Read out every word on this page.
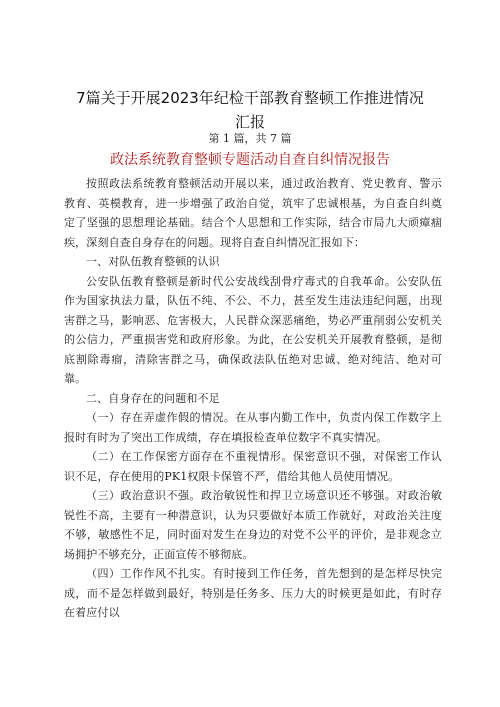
7篇关于开展2023年纪检干部教育整顿工作推进情况
汇报
第 1 篇，共 7 篇
政法系统教育整顿专题活动自查自纠情况报告

按照政法系统教育整顿活动开展以来，通过政治教育、党史教育、警示教育、英模教育，进一步增强了政治自觉，筑牢了忠诚根基，为自查自纠奠定了坚强的思想理论基础。结合个人思想和工作实际，结合市局九大顽瘴痼疾，深刻自查自身存在的问题。现将自查自纠情况汇报如下：

一、对队伍教育整顿的认识

公安队伍教育整顿是新时代公安战线刮骨疗毒式的自我革命。公安队伍作为国家执法力量，队伍不纯、不公、不力，甚至发生违法违纪问题，出现害群之马，影响恶、危害极大，人民群众深恶痛绝，势必严重削弱公安机关的公信力，严重损害党和政府形象。为此，在公安机关开展教育整顿，是彻底割除毒瘤，清除害群之马，确保政法队伍绝对忠诚、绝对纯洁、绝对可靠。

二、自身存在的问题和不足

（一）存在弄虚作假的情况。在从事内勤工作中，负责内保工作数字上报时有时为了突出工作成绩，存在填报检查单位数字不真实情况。

（二）在工作保密方面存在不重视情形。保密意识不强，对保密工作认识不足，存在使用的PK1权限卡保管不严，借给其他人员使用情况。

（三）政治意识不强。政治敏锐性和捍卫立场意识还不够强。对政治敏锐性不高，主要有一种潜意识，认为只要做好本质工作就好，对政治关注度不够，敏感性不足，同时面对发生在身边的对党不公平的评价，是非观念立场拥护不够充分，正面宣传不够彻底。

（四）工作作风不扎实。有时接到工作任务，首先想到的是怎样尽快完成，而不是怎样做到最好，特别是任务多、压力大的时候更是如此，有时存在着应付以
